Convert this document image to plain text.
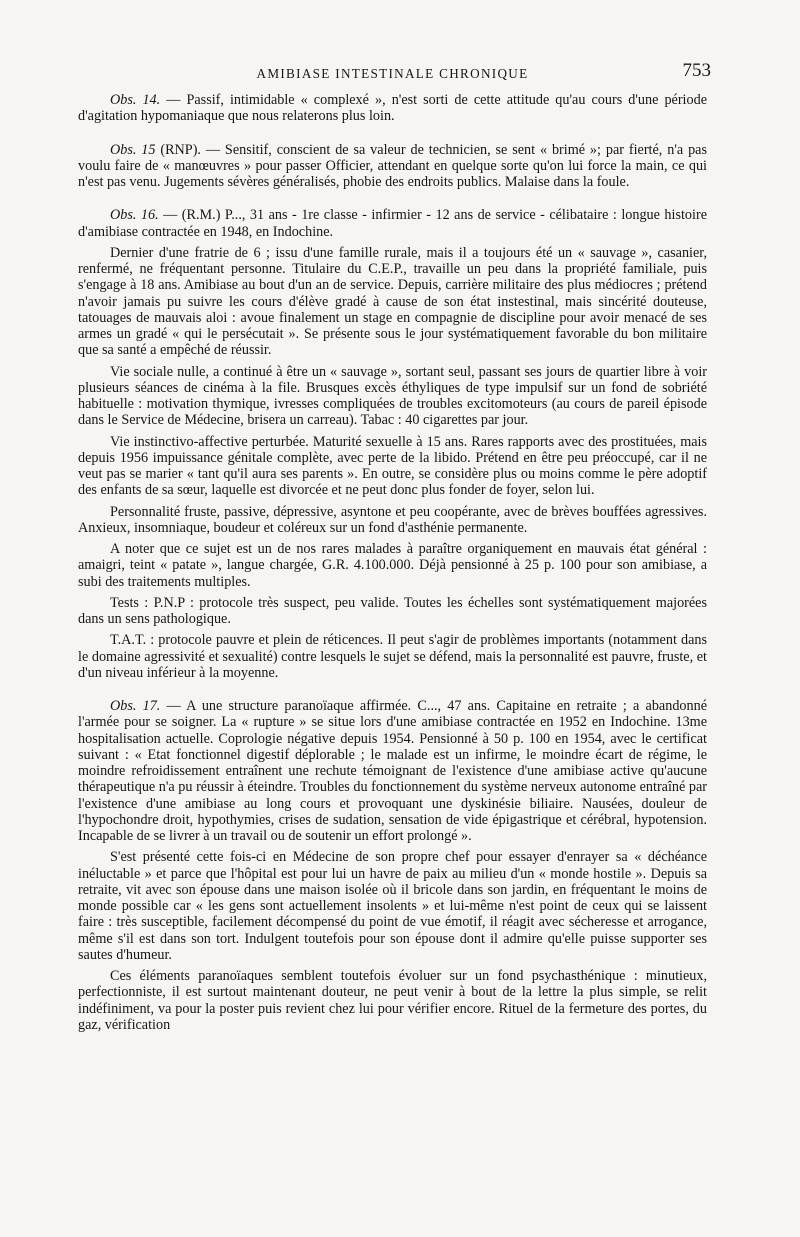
AMIBIASE INTESTINALE CHRONIQUE	753

Obs. 14. — Passif, intimidable « complexé », n'est sorti de cette attitude qu'au cours d'une période d'agitation hypomaniaque que nous relaterons plus loin.

Obs. 15 (RNP). — Sensitif, conscient de sa valeur de technicien, se sent « brimé »; par fierté, n'a pas voulu faire de « manœuvres » pour passer Officier, attendant en quelque sorte qu'on lui force la main, ce qui n'est pas venu. Jugements sévères généralisés, phobie des endroits publics. Malaise dans la foule.

Obs. 16. — (R.M.) P..., 31 ans - 1re classe - infirmier - 12 ans de service - célibataire : longue histoire d'amibiase contractée en 1948, en Indochine.

Dernier d'une fratrie de 6 ; issu d'une famille rurale, mais il a toujours été un « sauvage », casanier, renfermé, ne fréquentant personne. Titulaire du C.E.P., travaille un peu dans la propriété familiale, puis s'engage à 18 ans. Amibiase au bout d'un an de service. Depuis, carrière militaire des plus médiocres ; prétend n'avoir jamais pu suivre les cours d'élève gradé à cause de son état instestinal, mais sincérité douteuse, tatouages de mauvais aloi : avoue finalement un stage en compagnie de discipline pour avoir menacé de ses armes un gradé « qui le persécutait ». Se présente sous le jour systématiquement favorable du bon militaire que sa santé a empêché de réussir.

Vie sociale nulle, a continué à être un « sauvage », sortant seul, passant ses jours de quartier libre à voir plusieurs séances de cinéma à la file. Brusques excès éthyliques de type impulsif sur un fond de sobriété habituelle : motivation thymique, ivresses compliquées de troubles excitomoteurs (au cours de pareil épisode dans le Service de Médecine, brisera un carreau). Tabac : 40 cigarettes par jour.

Vie instinctivo-affective perturbée. Maturité sexuelle à 15 ans. Rares rapports avec des prostituées, mais depuis 1956 impuissance génitale complète, avec perte de la libido. Prétend en être peu préoccupé, car il ne veut pas se marier « tant qu'il aura ses parents ». En outre, se considère plus ou moins comme le père adoptif des enfants de sa sœur, laquelle est divorcée et ne peut donc plus fonder de foyer, selon lui.

Personnalité fruste, passive, dépressive, asyntone et peu coopérante, avec de brèves bouffées agressives. Anxieux, insomniaque, boudeur et coléreux sur un fond d'asthénie permanente.

A noter que ce sujet est un de nos rares malades à paraître organiquement en mauvais état général : amaigri, teint « patate », langue chargée, G.R. 4.100.000. Déjà pensionné à 25 p. 100 pour son amibiase, a subi des traitements multiples.

Tests : P.N.P : protocole très suspect, peu valide. Toutes les échelles sont systématiquement majorées dans un sens pathologique.

T.A.T. : protocole pauvre et plein de réticences. Il peut s'agir de problèmes importants (notamment dans le domaine agressivité et sexualité) contre lesquels le sujet se défend, mais la personnalité est pauvre, fruste, et d'un niveau inférieur à la moyenne.

Obs. 17. — A une structure paranoïaque affirmée. C..., 47 ans. Capitaine en retraite ; a abandonné l'armée pour se soigner. La « rupture » se situe lors d'une amibiase contractée en 1952 en Indochine. 13me hospitalisation actuelle. Coprologie négative depuis 1954. Pensionné à 50 p. 100 en 1954, avec le certificat suivant : « Etat fonctionnel digestif déplorable ; le malade est un infirme, le moindre écart de régime, le moindre refroidissement entraînent une rechute témoignant de l'existence d'une amibiase active qu'aucune thérapeutique n'a pu réussir à éteindre. Troubles du fonctionnement du système nerveux autonome entraîné par l'existence d'une amibiase au long cours et provoquant une dyskinésie biliaire. Nausées, douleur de l'hypochondre droit, hypothymies, crises de sudation, sensation de vide épigastrique et cérébral, hypotension. Incapable de se livrer à un travail ou de soutenir un effort prolongé ».

S'est présenté cette fois-ci en Médecine de son propre chef pour essayer d'enrayer sa « déchéance inéluctable » et parce que l'hôpital est pour lui un havre de paix au milieu d'un « monde hostile ». Depuis sa retraite, vit avec son épouse dans une maison isolée où il bricole dans son jardin, en fréquentant le moins de monde possible car « les gens sont actuellement insolents » et lui-même n'est point de ceux qui se laissent faire : très susceptible, facilement décompensé du point de vue émotif, il réagit avec sécheresse et arrogance, même s'il est dans son tort. Indulgent toutefois pour son épouse dont il admire qu'elle puisse supporter ses sautes d'humeur.

Ces éléments paranoïaques semblent toutefois évoluer sur un fond psychasthénique : minutieux, perfectionniste, il est surtout maintenant douteur, ne peut venir à bout de la lettre la plus simple, se relit indéfiniment, va pour la poster puis revient chez lui pour vérifier encore. Rituel de la fermeture des portes, du gaz, vérification
